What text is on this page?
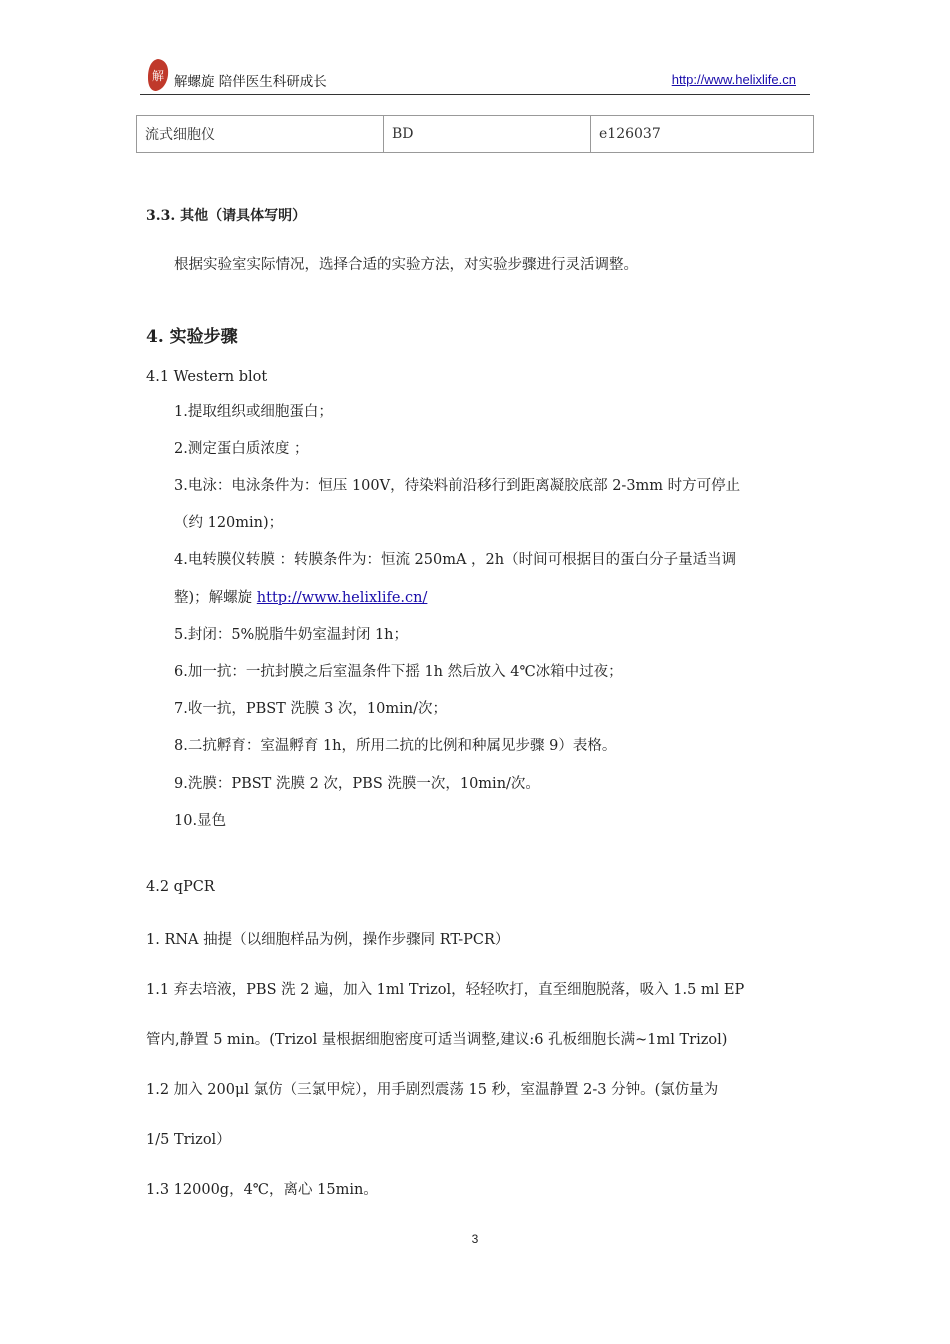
解 解螺旋 陪伴医生科研成长	http://www.helixlife.cn
流式细胞仪	BD	e126037
3.3. 其他（请具体写明）
根据实验室实际情况，选择合适的实验方法，对实验步骤进行灵活调整。
4. 实验步骤
4.1 Western blot
1.提取组织或细胞蛋白；
2.测定蛋白质浓度 ；
3.电泳：电泳条件为：恒压 100V，待染料前沿移行到距离凝胶底部 2-3mm 时方可停止
（约 120min)；
4.电转膜仪转膜 ：转膜条件为：恒流 250mA ，2h（时间可根据目的蛋白分子量适当调
整)；解螺旋 http://www.helixlife.cn/
5.封闭：5%脱脂牛奶室温封闭 1h；
6.加一抗：一抗封膜之后室温条件下摇 1h 然后放入 4℃冰箱中过夜；
7.收一抗，PBST 洗膜 3 次，10min/次；
8.二抗孵育：室温孵育 1h，所用二抗的比例和种属见步骤 9）表格。
9.洗膜：PBST 洗膜 2 次，PBS 洗膜一次，10min/次。
10.显色
4.2 qPCR
1. RNA 抽提（以细胞样品为例，操作步骤同 RT-PCR）
1.1 弃去培液，PBS 洗 2 遍，加入 1ml Trizol，轻轻吹打，直至细胞脱落，吸入 1.5 ml EP
管内,静置 5 min。(Trizol 量根据细胞密度可适当调整,建议:6 孔板细胞长满~1ml Trizol)
1.2 加入 200μl 氯仿（三氯甲烷），用手剧烈震荡 15 秒，室温静置 2-3 分钟。(氯仿量为
1/5 Trizol）
1.3 12000g，4℃，离心 15min。
3
